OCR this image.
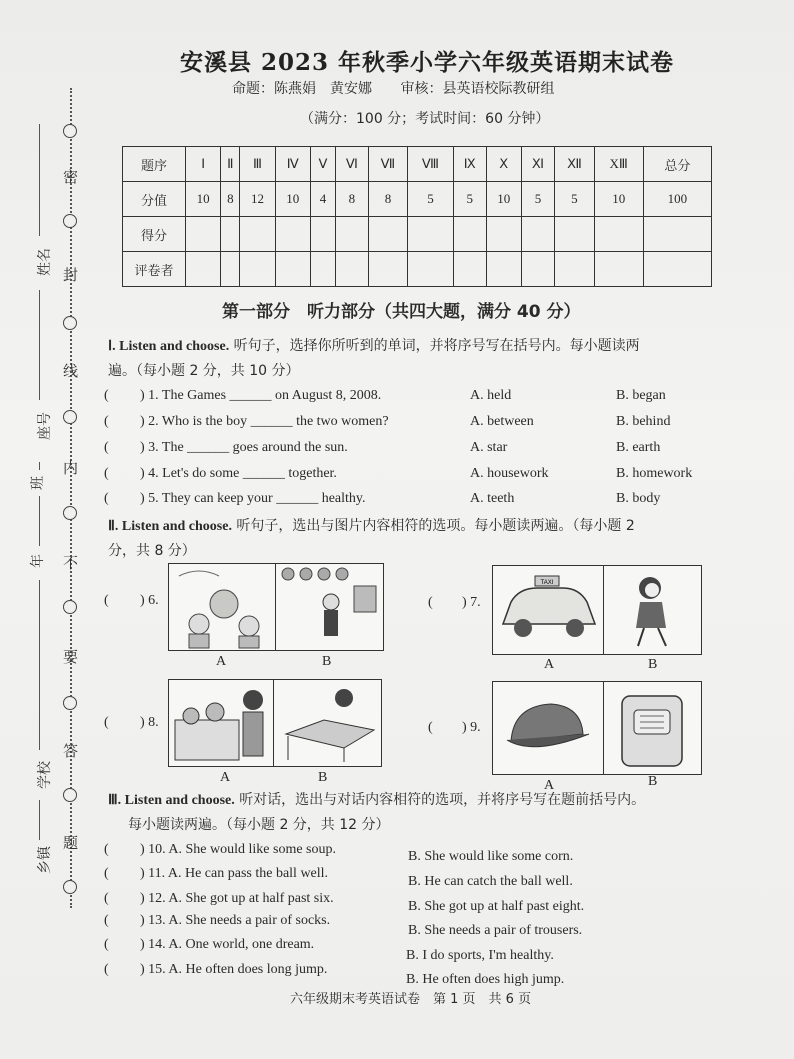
密
封
线
内
不
要
答
题
姓名
座号
班
年
学校
乡镇
安溪县 2023 年秋季小学六年级英语期末试卷
命题：陈燕娟　黄安娜 审核：县英语校际教研组
（满分：100 分；考试时间：60 分钟）
题序	Ⅰ	Ⅱ	Ⅲ	Ⅳ	Ⅴ	Ⅵ	Ⅶ	Ⅷ	Ⅸ	Ⅹ	Ⅺ	Ⅻ	XⅢ	总分
分值	10	8	12	10	4	8	8	5	5	10	5	5	10	100
得分														
评卷者														
第一部分　听力部分（共四大题，满分 40 分）
Ⅰ. Listen and choose. 听句子，选择你所听到的单词，并将序号写在括号内。每小题读两
遍。（每小题 2 分，共 10 分）
( ) 1. The Games ______ on August 8, 2008.	A. held	B. began
( ) 2. Who is the boy ______ the two women?	A. between	B. behind
( ) 3. The ______ goes around the sun.	A. star	B. earth
( ) 4. Let's do some ______ together.	A. housework	B. homework
( ) 5. They can keep your ______ healthy.	A. teeth	B. body
Ⅱ. Listen and choose. 听句子，选出与图片内容相符的选项。每小题读两遍。（每小题 2
分，共 8 分）
( ) 6.
A	B
( ) 7.
TAXI
A	B
( ) 8.
A	B
( ) 9.
A	B
Ⅲ. Listen and choose. 听对话，选出与对话内容相符的选项，并将序号写在题前括号内。
每小题读两遍。（每小题 2 分，共 12 分）
( ) 10. A. She would like some soup.	B. She would like some corn.
( ) 11. A. He can pass the ball well.
B. He can catch the ball well.
( ) 12. A. She got up at half past six.
B. She got up at half past eight.
( ) 13. A. She needs a pair of socks.
B. She needs a pair of trousers.
( ) 14. A. One world, one dream.
B. I do sports, I'm healthy.
( ) 15. A. He often does long jump.
B. He often does high jump.
六年级期末考英语试卷　第 1 页　共 6 页
